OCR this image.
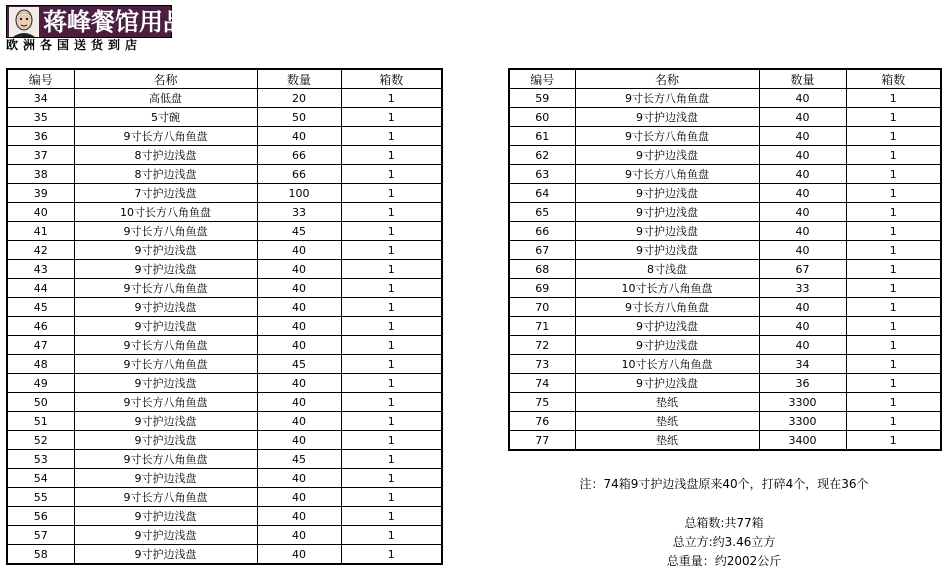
蒋峰餐馆用品
欧洲各国送货到店
编号	名称	数量	箱数
34	高低盘	20	1
35	5寸碗	50	1
36	9寸长方八角鱼盘	40	1
37	8寸护边浅盘	66	1
38	8寸护边浅盘	66	1
39	7寸护边浅盘	100	1
40	10寸长方八角鱼盘	33	1
41	9寸长方八角鱼盘	45	1
42	9寸护边浅盘	40	1
43	9寸护边浅盘	40	1
44	9寸长方八角鱼盘	40	1
45	9寸护边浅盘	40	1
46	9寸护边浅盘	40	1
47	9寸长方八角鱼盘	40	1
48	9寸长方八角鱼盘	45	1
49	9寸护边浅盘	40	1
50	9寸长方八角鱼盘	40	1
51	9寸护边浅盘	40	1
52	9寸护边浅盘	40	1
53	9寸长方八角鱼盘	45	1
54	9寸护边浅盘	40	1
55	9寸长方八角鱼盘	40	1
56	9寸护边浅盘	40	1
57	9寸护边浅盘	40	1
58	9寸护边浅盘	40	1
编号	名称	数量	箱数
59	9寸长方八角鱼盘	40	1
60	9寸护边浅盘	40	1
61	9寸长方八角鱼盘	40	1
62	9寸护边浅盘	40	1
63	9寸长方八角鱼盘	40	1
64	9寸护边浅盘	40	1
65	9寸护边浅盘	40	1
66	9寸护边浅盘	40	1
67	9寸护边浅盘	40	1
68	8寸浅盘	67	1
69	10寸长方八角鱼盘	33	1
70	9寸长方八角鱼盘	40	1
71	9寸护边浅盘	40	1
72	9寸护边浅盘	40	1
73	10寸长方八角鱼盘	34	1
74	9寸护边浅盘	36	1
75	垫纸	3300	1
76	垫纸	3300	1
77	垫纸	3400	1
注：74箱9寸护边浅盘原来40个，打碎4个，现在36个
总箱数:共77箱
总立方:约3.46立方
总重量：约2002公斤
